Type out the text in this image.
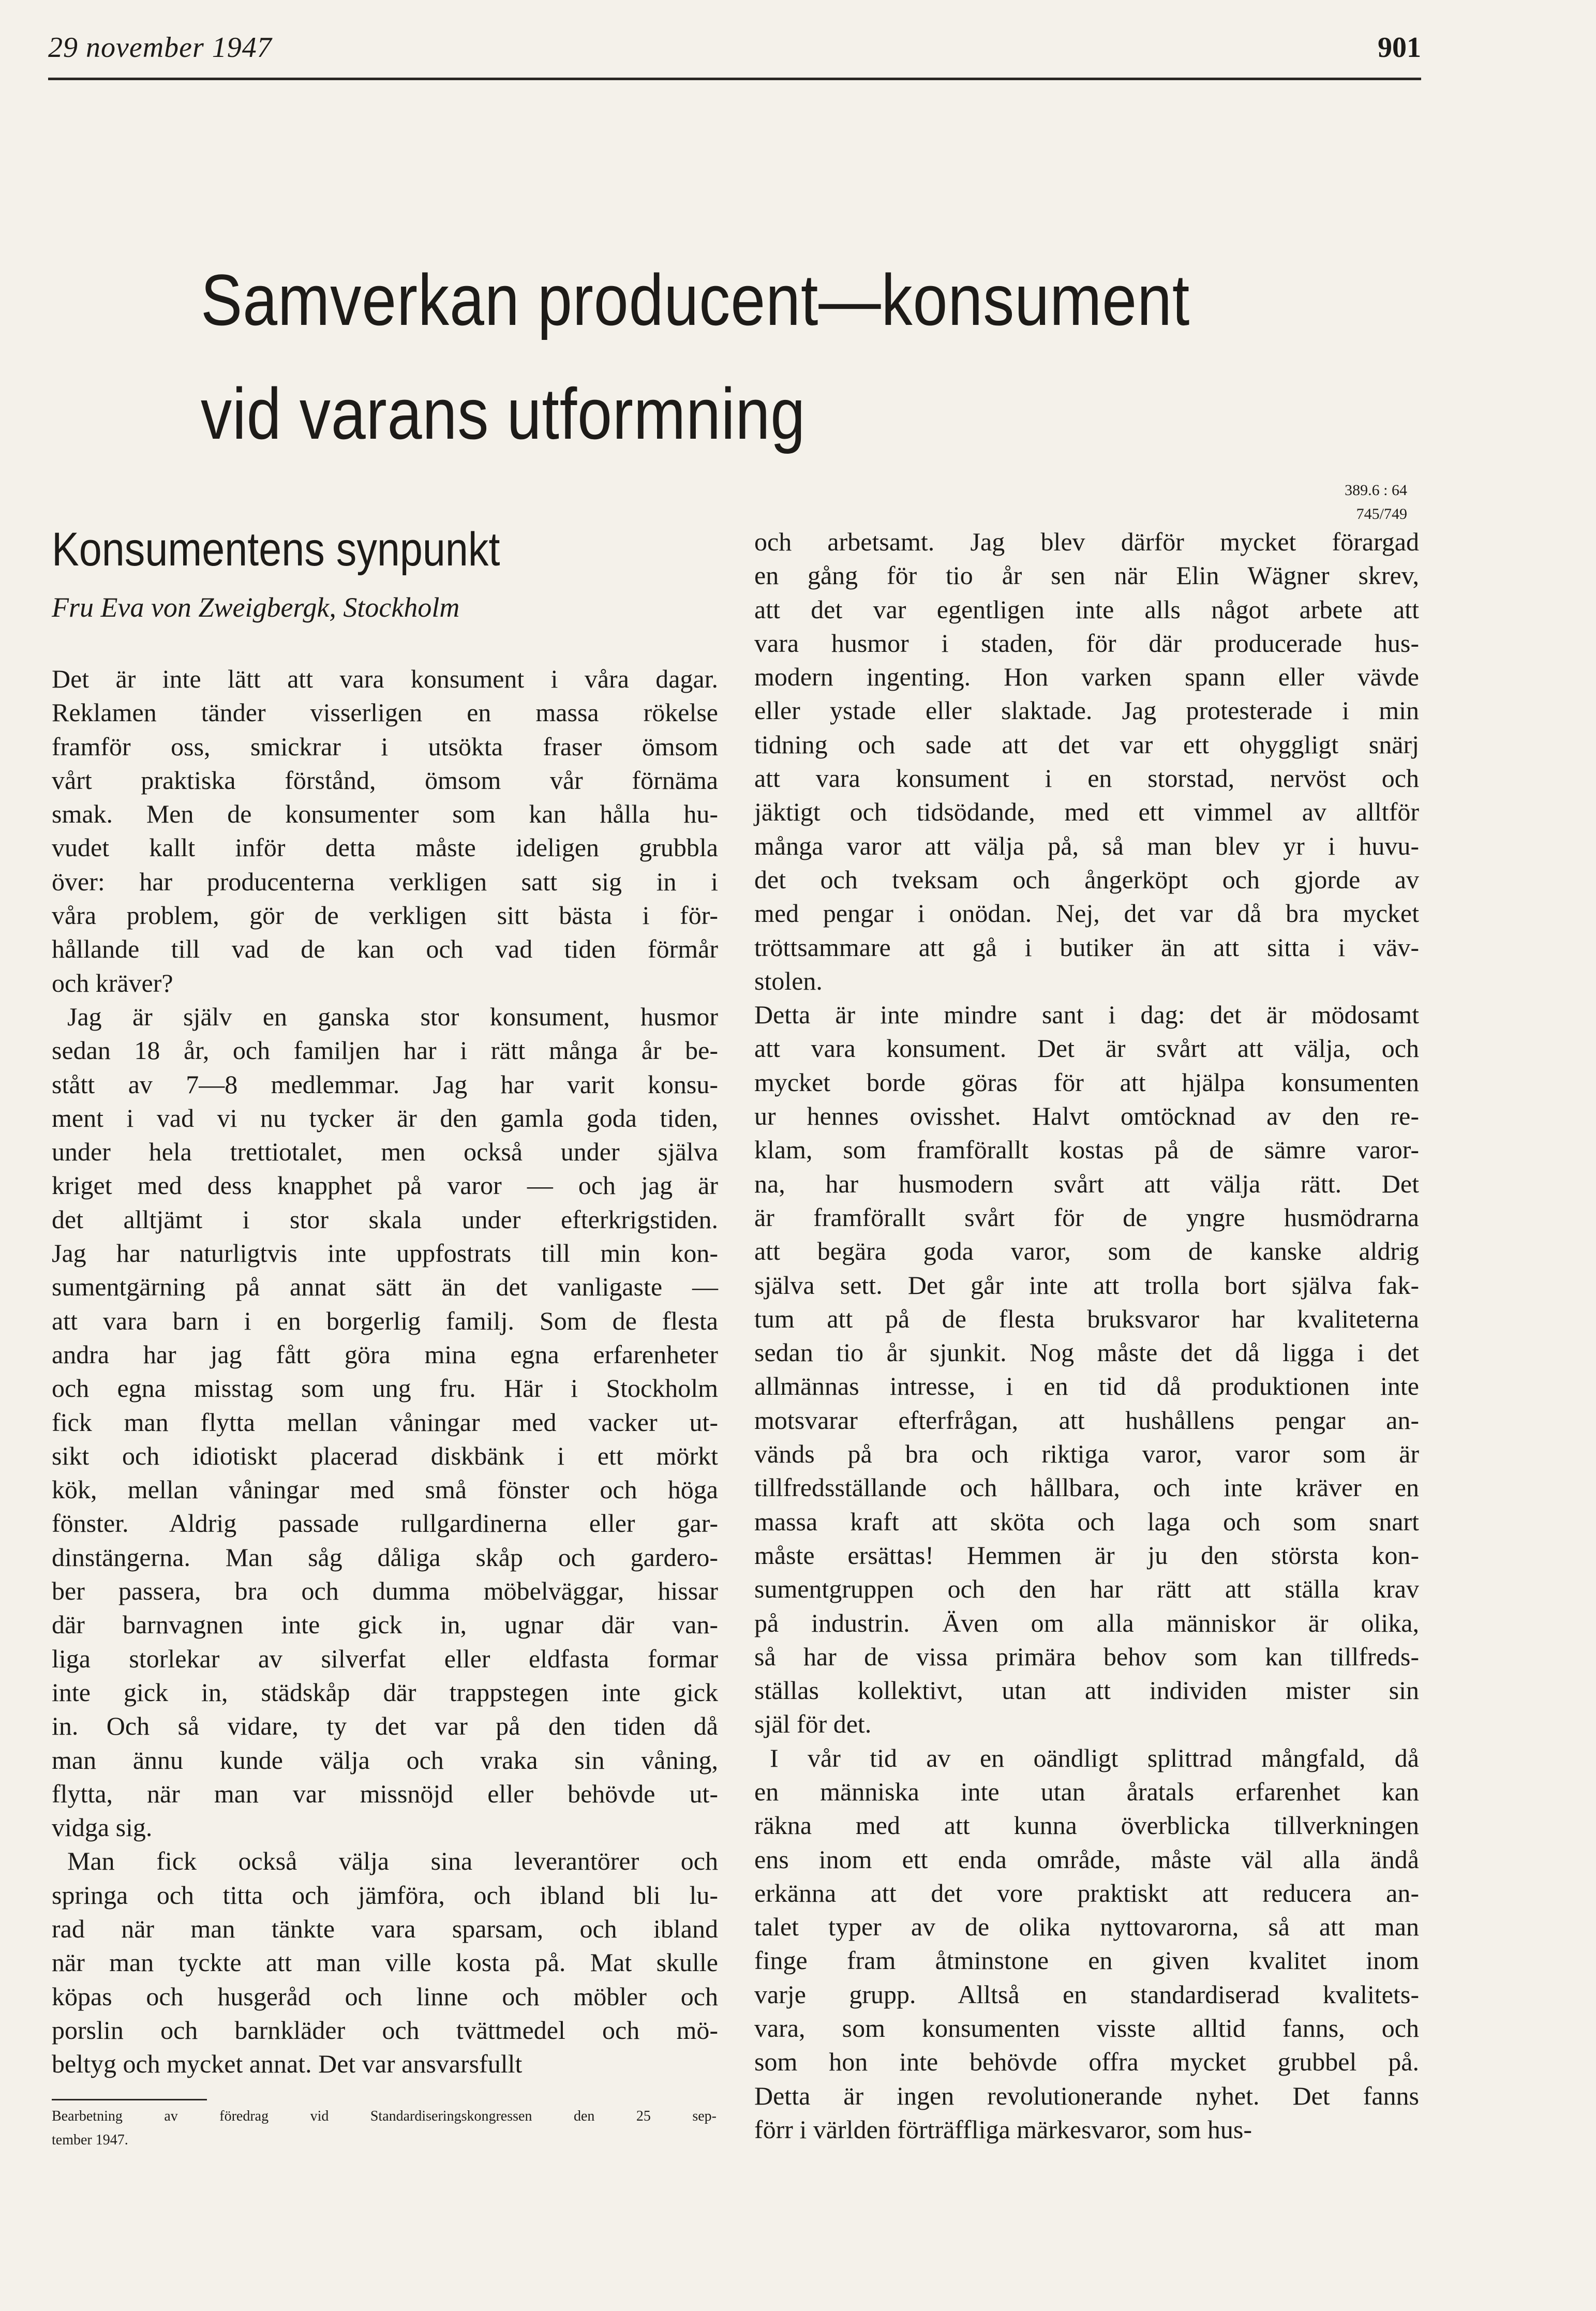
29 november 1947	901
Samverkan producent—konsument
vid varans utformning
389.6 : 64
745/749
Konsumentens synpunkt
Fru Eva von Zweigbergk, Stockholm
Det är inte lätt att vara konsument i våra dagar.
Reklamen tänder visserligen en massa rökelse
framför oss, smickrar i utsökta fraser ömsom
vårt praktiska förstånd, ömsom vår förnäma
smak. Men de konsumenter som kan hålla hu-
vudet kallt inför detta måste ideligen grubbla
över: har producenterna verkligen satt sig in i
våra problem, gör de verkligen sitt bästa i för-
hållande till vad de kan och vad tiden förmår
och kräver?
Jag är själv en ganska stor konsument, husmor
sedan 18 år, och familjen har i rätt många år be-
stått av 7—8 medlemmar. Jag har varit konsu-
ment i vad vi nu tycker är den gamla goda tiden,
under hela trettiotalet, men också under själva
kriget med dess knapphet på varor — och jag är
det alltjämt i stor skala under efterkrigstiden.
Jag har naturligtvis inte uppfostrats till min kon-
sumentgärning på annat sätt än det vanligaste —
att vara barn i en borgerlig familj. Som de flesta
andra har jag fått göra mina egna erfarenheter
och egna misstag som ung fru. Här i Stockholm
fick man flytta mellan våningar med vacker ut-
sikt och idiotiskt placerad diskbänk i ett mörkt
kök, mellan våningar med små fönster och höga
fönster. Aldrig passade rullgardinerna eller gar-
dinstängerna. Man såg dåliga skåp och gardero-
ber passera, bra och dumma möbelväggar, hissar
där barnvagnen inte gick in, ugnar där van-
liga storlekar av silverfat eller eldfasta formar
inte gick in, städskåp där trappstegen inte gick
in. Och så vidare, ty det var på den tiden då
man ännu kunde välja och vraka sin våning,
flytta, när man var missnöjd eller behövde ut-
vidga sig.
Man fick också välja sina leverantörer och
springa och titta och jämföra, och ibland bli lu-
rad när man tänkte vara sparsam, och ibland
när man tyckte att man ville kosta på. Mat skulle
köpas och husgeråd och linne och möbler och
porslin och barnkläder och tvättmedel och mö-
beltyg och mycket annat. Det var ansvarsfullt
och arbetsamt. Jag blev därför mycket förargad
en gång för tio år sen när Elin Wägner skrev,
att det var egentligen inte alls något arbete att
vara husmor i staden, för där producerade hus-
modern ingenting. Hon varken spann eller vävde
eller ystade eller slaktade. Jag protesterade i min
tidning och sade att det var ett ohyggligt snärj
att vara konsument i en storstad, nervöst och
jäktigt och tidsödande, med ett vimmel av alltför
många varor att välja på, så man blev yr i huvu-
det och tveksam och ångerköpt och gjorde av
med pengar i onödan. Nej, det var då bra mycket
tröttsammare att gå i butiker än att sitta i väv-
stolen.
Detta är inte mindre sant i dag: det är mödosamt
att vara konsument. Det är svårt att välja, och
mycket borde göras för att hjälpa konsumenten
ur hennes ovisshet. Halvt omtöcknad av den re-
klam, som framförallt kostas på de sämre varor-
na, har husmodern svårt att välja rätt. Det
är framförallt svårt för de yngre husmödrarna
att begära goda varor, som de kanske aldrig
själva sett. Det går inte att trolla bort själva fak-
tum att på de flesta bruksvaror har kvaliteterna
sedan tio år sjunkit. Nog måste det då ligga i det
allmännas intresse, i en tid då produktionen inte
motsvarar efterfrågan, att hushållens pengar an-
vänds på bra och riktiga varor, varor som är
tillfredsställande och hållbara, och inte kräver en
massa kraft att sköta och laga och som snart
måste ersättas! Hemmen är ju den största kon-
sumentgruppen och den har rätt att ställa krav
på industrin. Även om alla människor är olika,
så har de vissa primära behov som kan tillfreds-
ställas kollektivt, utan att individen mister sin
själ för det.
I vår tid av en oändligt splittrad mångfald, då
en människa inte utan åratals erfarenhet kan
räkna med att kunna överblicka tillverkningen
ens inom ett enda område, måste väl alla ändå
erkänna att det vore praktiskt att reducera an-
talet typer av de olika nyttovarorna, så att man
finge fram åtminstone en given kvalitet inom
varje grupp. Alltså en standardiserad kvalitets-
vara, som konsumenten visste alltid fanns, och
som hon inte behövde offra mycket grubbel på.
Detta är ingen revolutionerande nyhet. Det fanns
förr i världen förträffliga märkesvaror, som hus-
Bearbetning av föredrag vid Standardiseringskongressen den 25 sep-
tember 1947.
